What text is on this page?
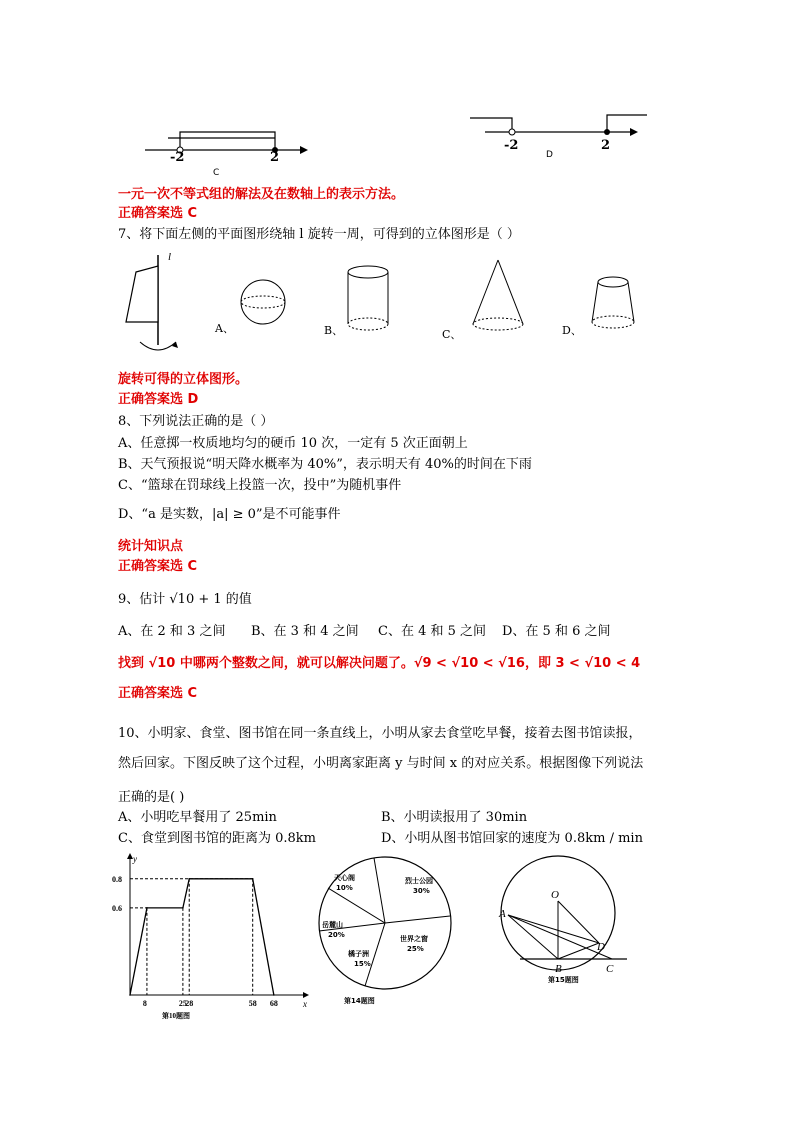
-2	2
C
-2	2
D
一元一次不等式组的解法及在数轴上的表示方法。
正确答案选 C
7、将下面左侧的平面图形绕轴 l 旋转一周，可得到的立体图形是（ ）
l
A、	B、	C、	D、
旋转可得的立体图形。
正确答案选 D
8、下列说法正确的是（ ）
A、任意掷一枚质地均匀的硬币 10 次，一定有 5 次正面朝上
B、天气预报说“明天降水概率为 40%”，表示明天有 40%的时间在下雨
C、“篮球在罚球线上投篮一次，投中”为随机事件
D、“a 是实数，|a| ≥ 0”是不可能事件
统计知识点
正确答案选 C
9、估计 √10 + 1 的值
A、在 2 和 3 之间 B、在 3 和 4 之间 C、在 4 和 5 之间 D、在 5 和 6 之间
找到 √10 中哪两个整数之间，就可以解决问题了。√9 < √10 < √16，即 3 < √10 < 4
正确答案选 C
10、小明家、食堂、图书馆在同一条直线上，小明从家去食堂吃早餐，接着去图书馆读报，
然后回家。下图反映了这个过程，小明离家距离 y 与时间 x 的对应关系。根据图像下列说法
正确的是( )
A、小明吃早餐用了 25min	B、小明读报用了 30min
C、食堂到图书馆的距离为 0.8km	D、小明从图书馆回家的速度为 0.8km / min
8	25
28	58 68
0.6
0.8
x
y
第10题图
烈士公园
30%
世界之窗
25%
橘子洲
15%
岳麓山
20%
天心阁
10%
第14题图
O
A
B	C
D
第15题图
